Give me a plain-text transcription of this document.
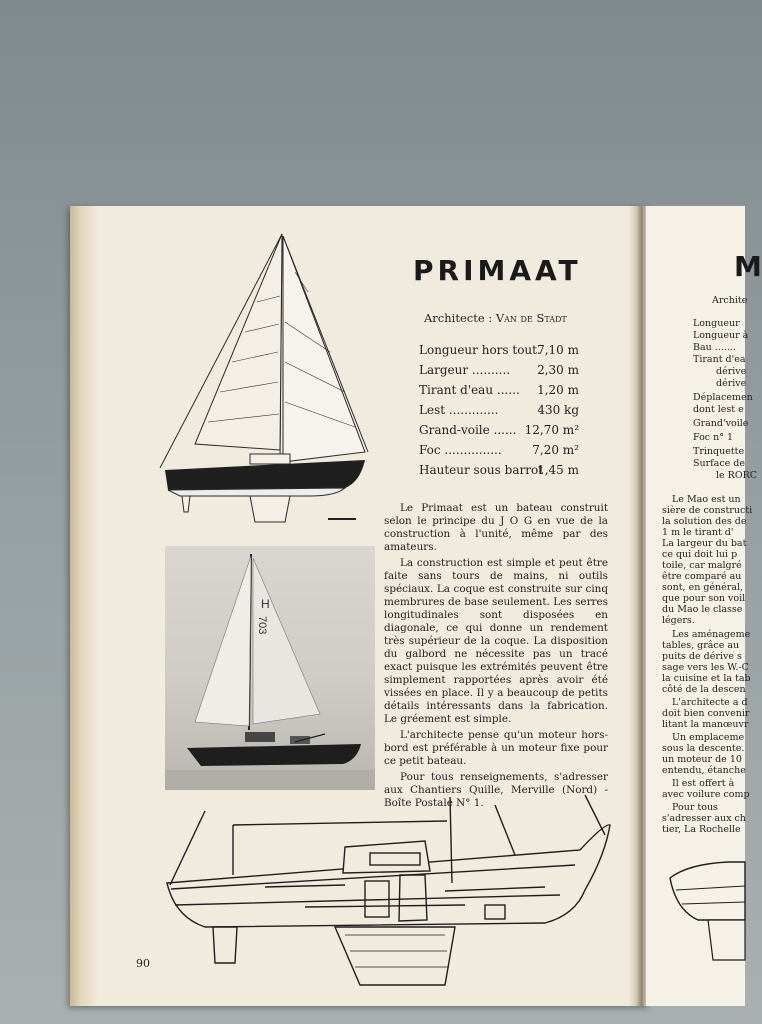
PRIMAAT
Architecte : Van de Stadt
Longueur hors tout.
7,10 m
Largeur .......... 2,30 m
Tirant d'eau ...... 1,20 m
Lest .............	430 kg
Grand-voile ...... 12,70 m²
Foc ...............	7,20 m²
Hauteur sous barrot
1,45 m
H
703

Le Primaat est un bateau construit selon le principe du J O G en vue de la construction à l'unité, même par des amateurs.

La construction est simple et peut être faite sans tours de mains, ni outils spéciaux. La coque est construite sur cinq membrures de base seulement. Les serres longitudinales sont disposées en diagonale, ce qui donne un rendement très supérieur de la coque. La disposition du galbord ne nécessite pas un tracé exact puisque les extrémités peuvent être simplement rapportées après avoir été vissées en place. Il y a beaucoup de petits détails intéressants dans la fabrication. Le gréement est simple.

L'architecte pense qu'un moteur hors-bord est préférable à un moteur fixe pour ce petit bateau.

Pour tous renseignements, s'adresser aux Chantiers Quille, Merville (Nord) - Boîte Postale N° 1.

90
M
Archite
Longueur
Longueur à
Bau .......
Tirant d'ea
dérive
dérive
Déplacemen
dont lest e
Grand'voile
Foc n° 1
Trinquette
Surface de
le RORC
Le Mao est un
sière de constructi
la solution des de
1 m le tirant d'
La largeur du bat
ce qui doit lui p
toile, car malgré
être comparé au
sont, en général,
que pour son voil
du Mao le classe
légers.
Les aménageme
tables, grâce au
puits de dérive s
sage vers les W.-C
la cuisine et la tab
côté de la descen
L'architecte a d
doit bien convenir
litant la manœuvr
Un emplaceme
sous la descente.
un moteur de 10
entendu, étanche
Il est offert à
avec voilure comp
Pour tous
s'adresser aux ch
tier, La Rochelle
